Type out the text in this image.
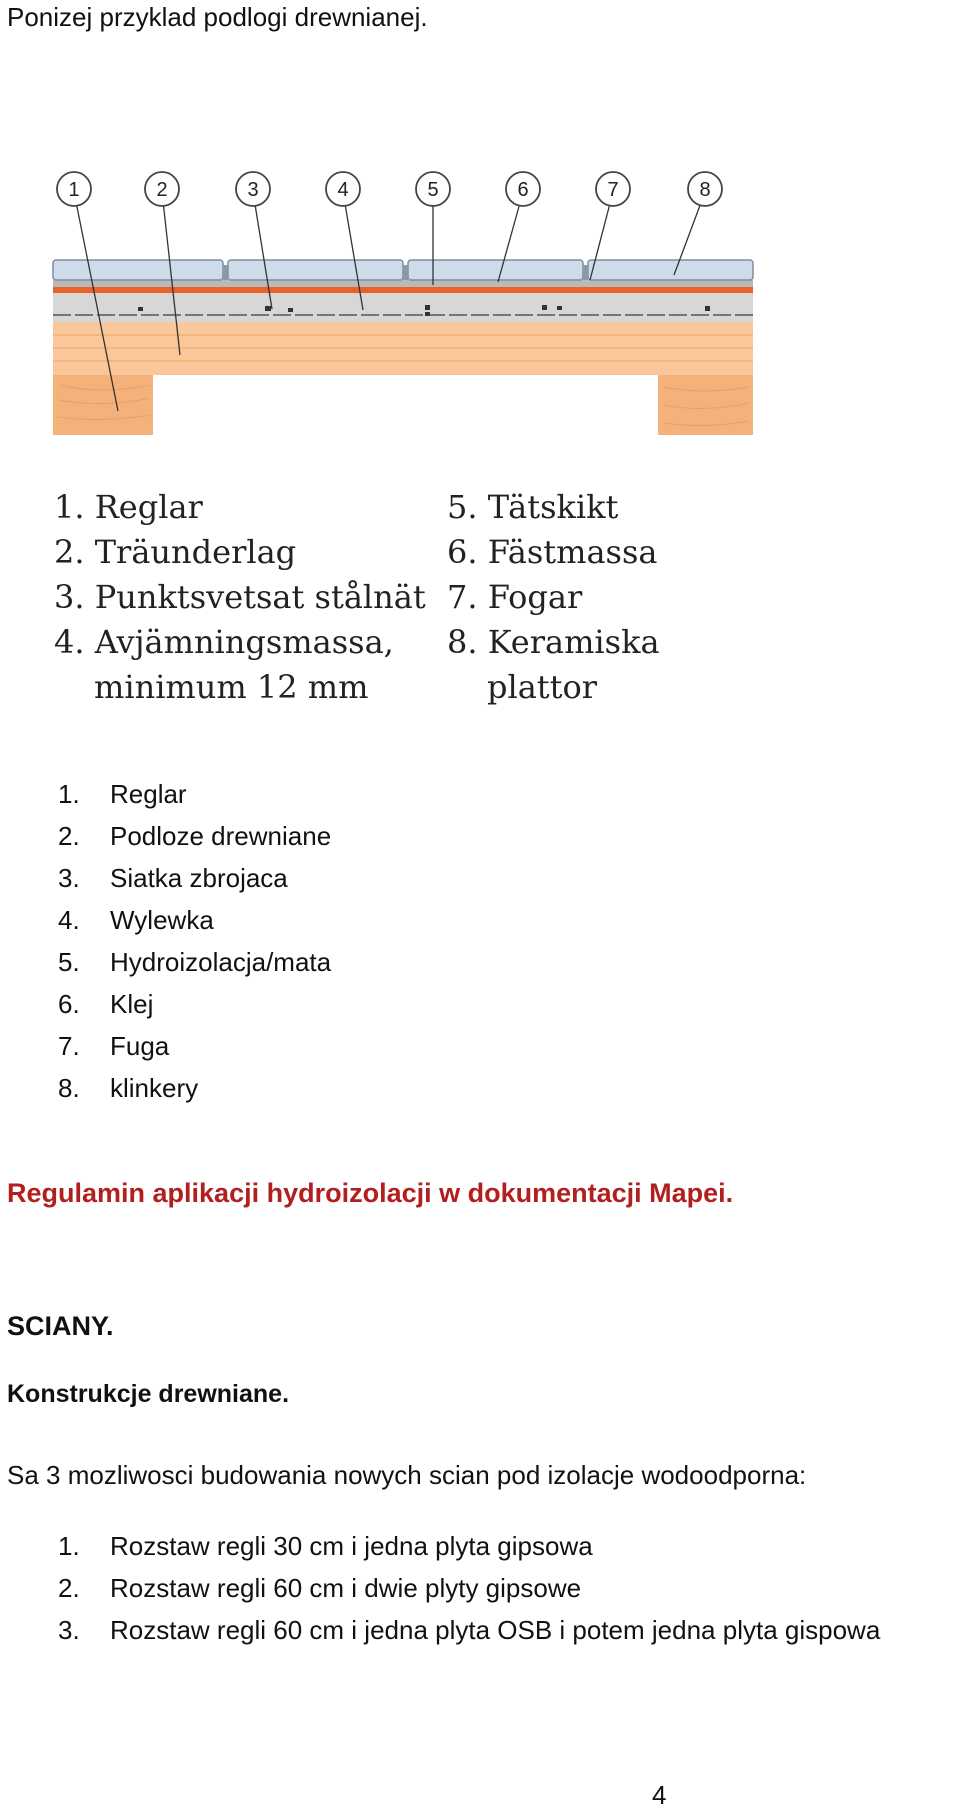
Ponizej przyklad podlogi drewnianej.
1	2	3	4	5	6	7	8
1. Reglar
2. Träunderlag
3. Punktsvetsat stålnät
4. Avjämningsmassa,
minimum 12 mm
5. Tätskikt
6. Fästmassa
7. Fogar
8. Keramiska
plattor
1. Reglar
2. Podloze drewniane
3. Siatka zbrojaca
4. Wylewka
5. Hydroizolacja/mata
6. Klej
7. Fuga
8. klinkery
Regulamin aplikacji hydroizolacji w dokumentacji Mapei.
SCIANY.
Konstrukcje drewniane.
Sa 3 mozliwosci budowania nowych scian pod izolacje wodoodporna:
1. Rozstaw regli 30 cm i jedna plyta gipsowa
2. Rozstaw regli 60 cm i dwie plyty gipsowe
3. Rozstaw regli 60 cm i jedna plyta OSB i potem jedna plyta gispowa
4
